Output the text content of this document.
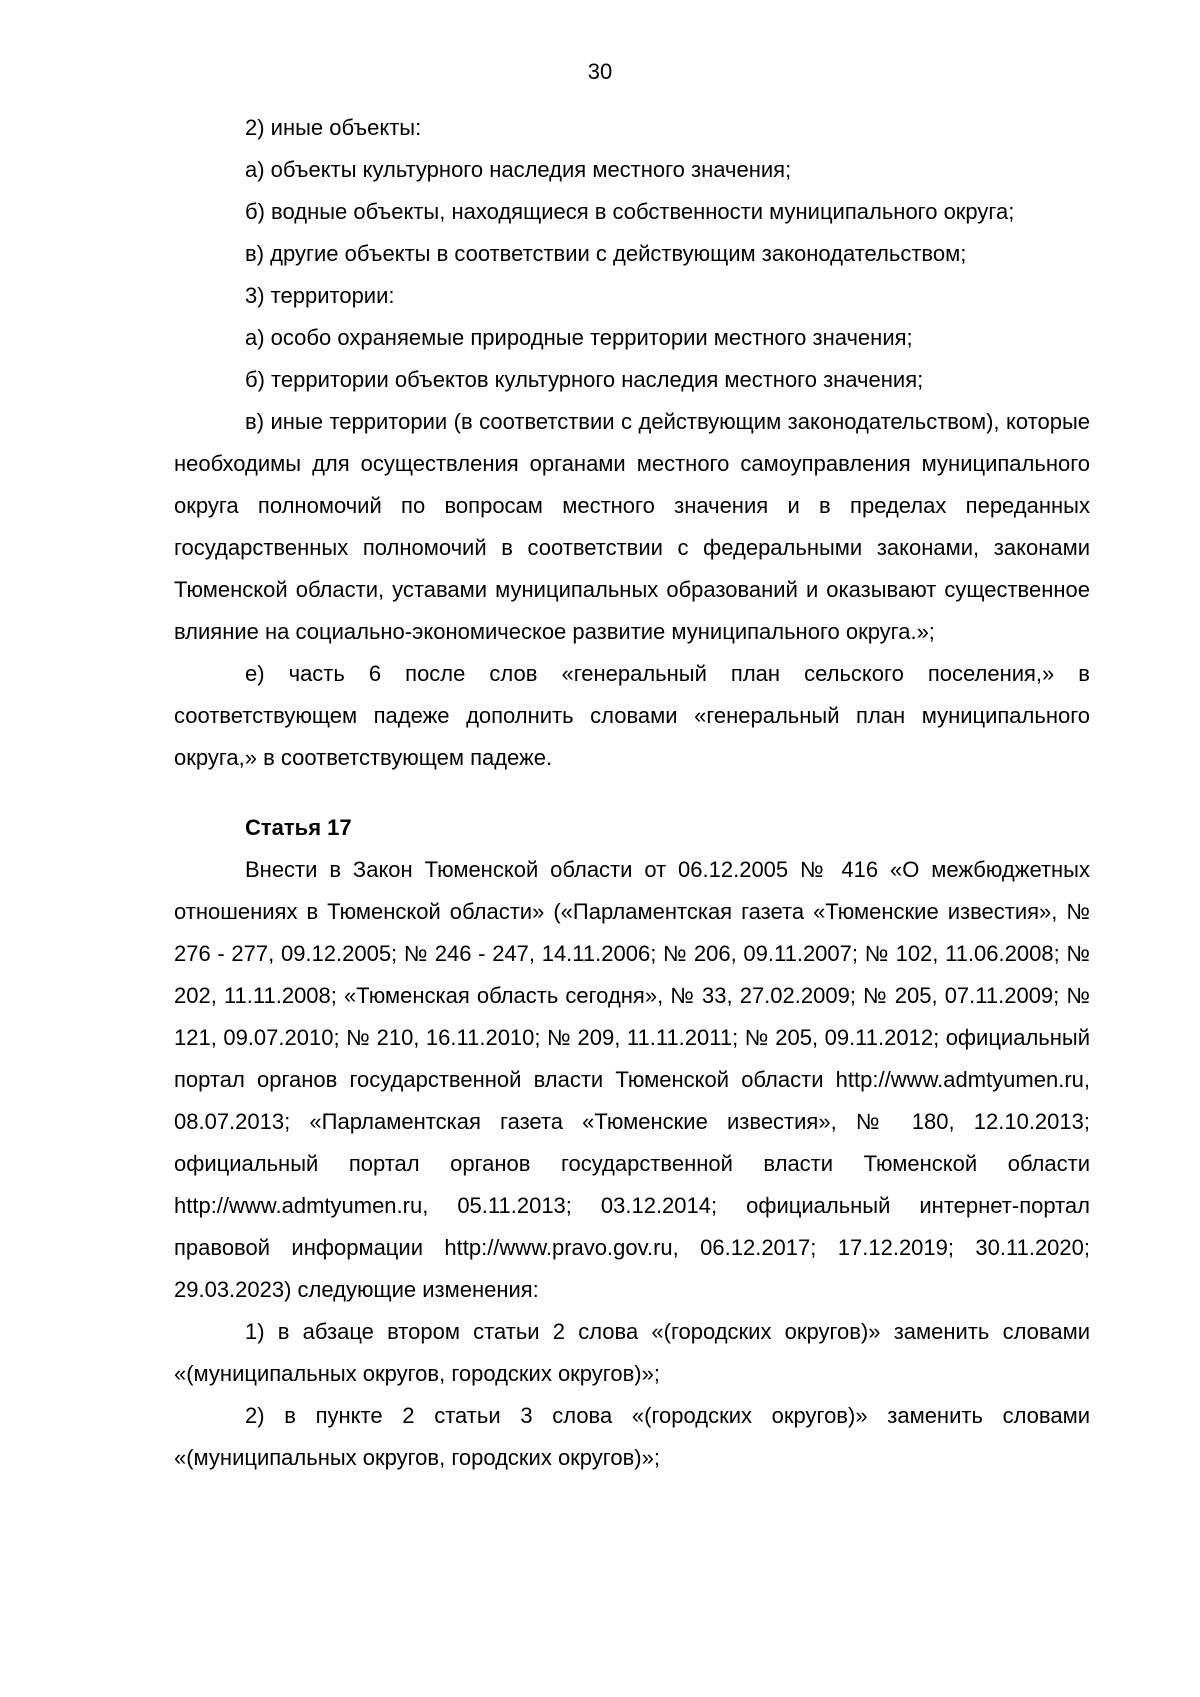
30

2) иные объекты:

а) объекты культурного наследия местного значения;

б) водные объекты, находящиеся в собственности муниципального округа;

в) другие объекты в соответствии с действующим законодательством;

3) территории:

а) особо охраняемые природные территории местного значения;

б) территории объектов культурного наследия местного значения;

в) иные территории (в соответствии с действующим законодательством), которые необходимы для осуществления органами местного самоуправления муниципального округа полномочий по вопросам местного значения и в пределах переданных государственных полномочий в соответствии с федеральными законами, законами Тюменской области, уставами муниципальных образований и оказывают существенное влияние на социально-экономическое развитие муниципального округа.»;

е) часть 6 после слов «генеральный план сельского поселения,» в соответствующем падеже дополнить словами «генеральный план муниципального округа,» в соответствующем падеже.

Статья 17

Внести в Закон Тюменской области от 06.12.2005 № 416 «О межбюджетных отношениях в Тюменской области» («Парламентская газета «Тюменские известия», № 276 - 277, 09.12.2005; № 246 - 247, 14.11.2006; № 206, 09.11.2007; № 102, 11.06.2008; № 202, 11.11.2008; «Тюменская область сегодня», № 33, 27.02.2009; № 205, 07.11.2009; № 121, 09.07.2010; № 210, 16.11.2010; № 209, 11.11.2011; № 205, 09.11.2012; официальный портал органов государственной власти Тюменской области http://www.admtyumen.ru, 08.07.2013; «Парламентская газета «Тюменские известия», № 180, 12.10.2013; официальный портал органов государственной власти Тюменской области http://www.admtyumen.ru, 05.11.2013; 03.12.2014; официальный интернет-портал правовой информации http://www.pravo.gov.ru, 06.12.2017; 17.12.2019; 30.11.2020; 29.03.2023) следующие изменения:

1) в абзаце втором статьи 2 слова «(городских округов)» заменить словами «(муниципальных округов, городских округов)»;

2) в пункте 2 статьи 3 слова «(городских округов)» заменить словами «(муниципальных округов, городских округов)»;
